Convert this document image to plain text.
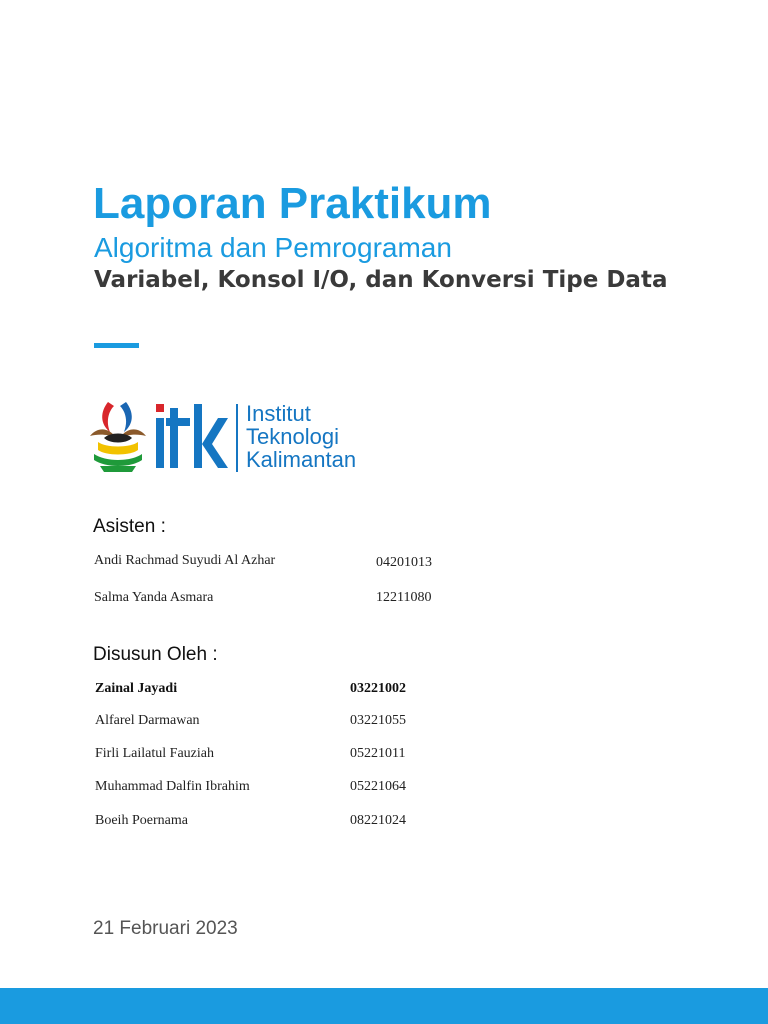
Laporan Praktikum
Algoritma dan Pemrograman
Variabel, Konsol I/O, dan Konversi Tipe Data
Institut
Teknologi
Kalimantan
Asisten :
Andi Rachmad Suyudi Al Azhar	04201013
Salma Yanda Asmara	12211080
Disusun Oleh :
Zainal Jayadi	03221002
Alfarel Darmawan	03221055
Firli Lailatul Fauziah	05221011
Muhammad Dalfin Ibrahim	05221064
Boeih Poernama	08221024
21 Februari 2023
